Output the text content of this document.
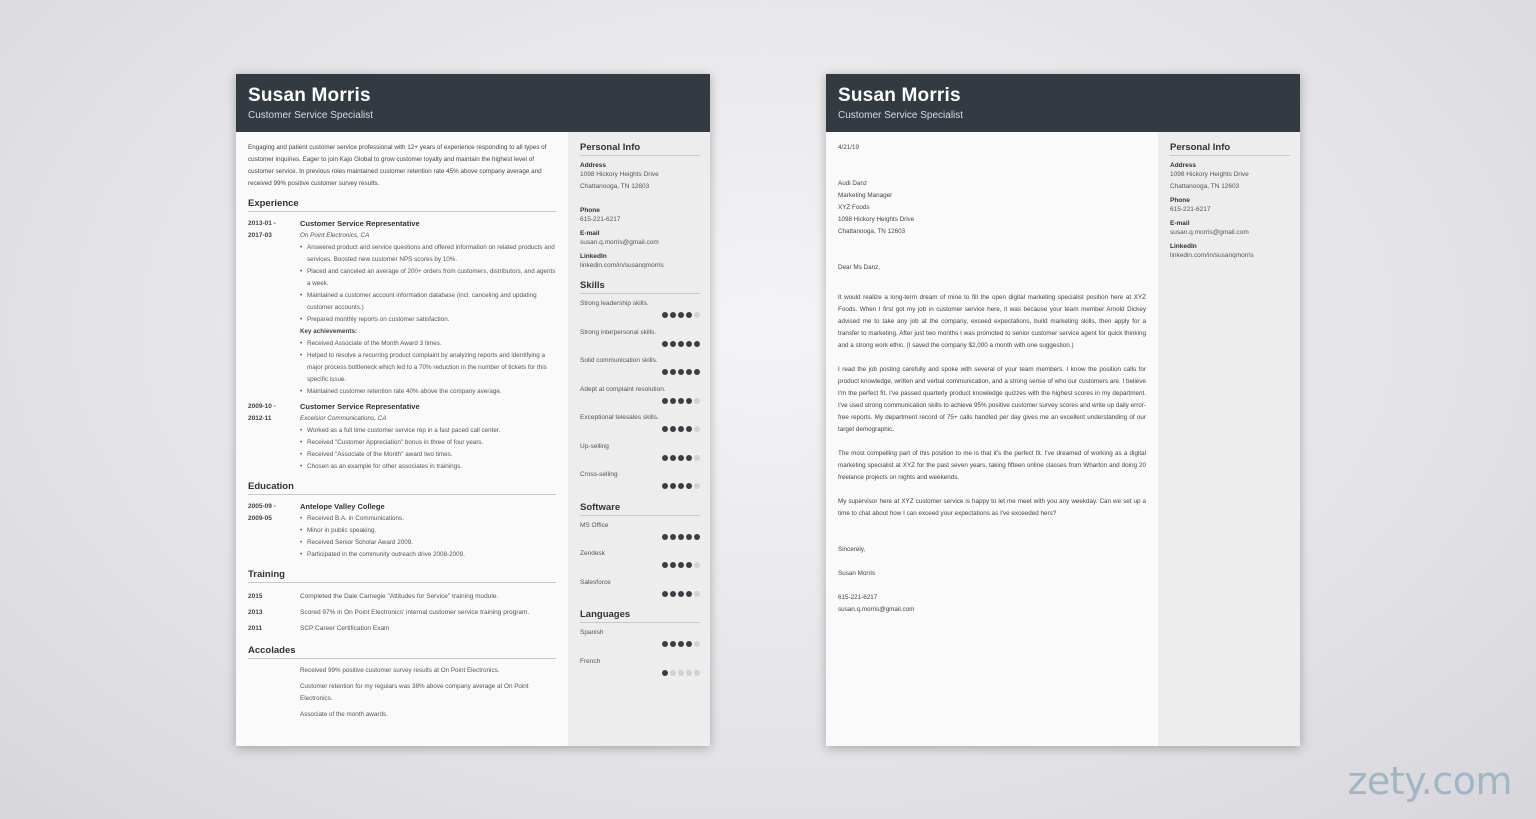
Susan Morris
Customer Service Specialist
Engaging and patient customer service professional with 12+ years of experience responding to all types of customer inquiries. Eager to join Kajo Global to grow customer loyalty and maintain the highest level of customer service. In previous roles maintained customer retention rate 45% above company average and received 99% positive customer survey results.
Experience
2013-01 -
2017-03
Customer Service Representative
On Point Electronics, CA
• Answered product and service questions and offered information on related products and services. Boosted new customer NPS scores by 10%.
• Placed and canceled an average of 200+ orders from customers, distributors, and agents a week.
• Maintained a customer account information database (incl. canceling and updating customer accounts.)
• Prepared monthly reports on customer satisfaction.
Key achievements:
• Received Associate of the Month Award 3 times.
• Helped to resolve a recurring product complaint by analyzing reports and identifying a major process bottleneck which led to a 70% reduction in the number of tickets for this specific issue.
• Maintained customer retention rate 40% above the company average.
2009-10 -
2012-11
Customer Service Representative
Excelsior Communications, CA
• Worked as a full time customer service rep in a fast paced call center.
• Received "Customer Appreciation" bonus in three of four years.
• Received "Associate of the Month" award two times.
• Chosen as an example for other associates in trainings.
Education
2005-09 -
2009-05
Antelope Valley College
• Received B.A. in Communications.
• Minor in public speaking.
• Received Senior Scholar Award 2009.
• Participated in the community outreach drive 2008-2009.
Training
2015	Completed the Dale Carnegie "Attitudes for Service" training module.
2013	Scored 97% in On Point Electronics' internal customer service training program.
2011	SCP Career Certification Exam
Accolades
Received 99% positive customer survey results at On Point Electronics.
Customer retention for my regulars was 38% above company average at On Point Electronics.
Associate of the month awards.
Personal Info
Address
1098 Hickory Heights Drive
Chattanooga, TN 12603
Phone
615-221-6217
E-mail
susan.q.morris@gmail.com
LinkedIn
linkedin.com/in/susanqmorris
Skills
Strong leadership skills.
Strong interpersonal skills.
Solid communication skills.
Adept at complaint resolution.
Exceptional telesales skills.
Up-selling
Cross-selling
Software
MS Office
Zendesk
Salesforce
Languages
Spanish
French
Susan Morris
Customer Service Specialist
4/21/19
Audi Danz
Marketing Manager
XYZ Foods
1098 Hickory Heights Drive
Chattanooga, TN 12603
Dear Ms Danz,
It would realize a long-term dream of mine to fill the open digital marketing specialist position here at XYZ Foods. When I first got my job in customer service here, it was because your team member Arnold Dickey advised me to take any job at the company, exceed expectations, build marketing skills, then apply for a transfer to marketing. After just two months I was promoted to senior customer service agent for quick thinking and a strong work ethic. (I saved the company $2,000 a month with one suggestion.)
I read the job posting carefully and spoke with several of your team members. I know the position calls for product knowledge, written and verbal communication, and a strong sense of who our customers are. I believe I'm the perfect fit. I've passed quarterly product knowledge quizzes with the highest scores in my department. I've used strong communication skills to achieve 95% positive customer survey scores and write up daily error-free reports. My department record of 75+ calls handled per day gives me an excellent understanding of our target demographic.
The most compelling part of this position to me is that it's the perfect fit. I've dreamed of working as a digital marketing specialist at XYZ for the past seven years, taking fifteen online classes from Wharton and doing 20 freelance projects on nights and weekends.
My supervisor here at XYZ customer service is happy to let me meet with you any weekday. Can we set up a time to chat about how I can exceed your expectations as I've exceeded hers?
Sincerely,
Susan Morris
615-221-6217
susan.q.morris@gmail.com
Personal Info
Address
1098 Hickory Heights Drive
Chattanooga, TN 12603
Phone
615-221-6217
E-mail
susan.q.morris@gmail.com
LinkedIn
linkedin.com/in/susanqmorris
zety.com
